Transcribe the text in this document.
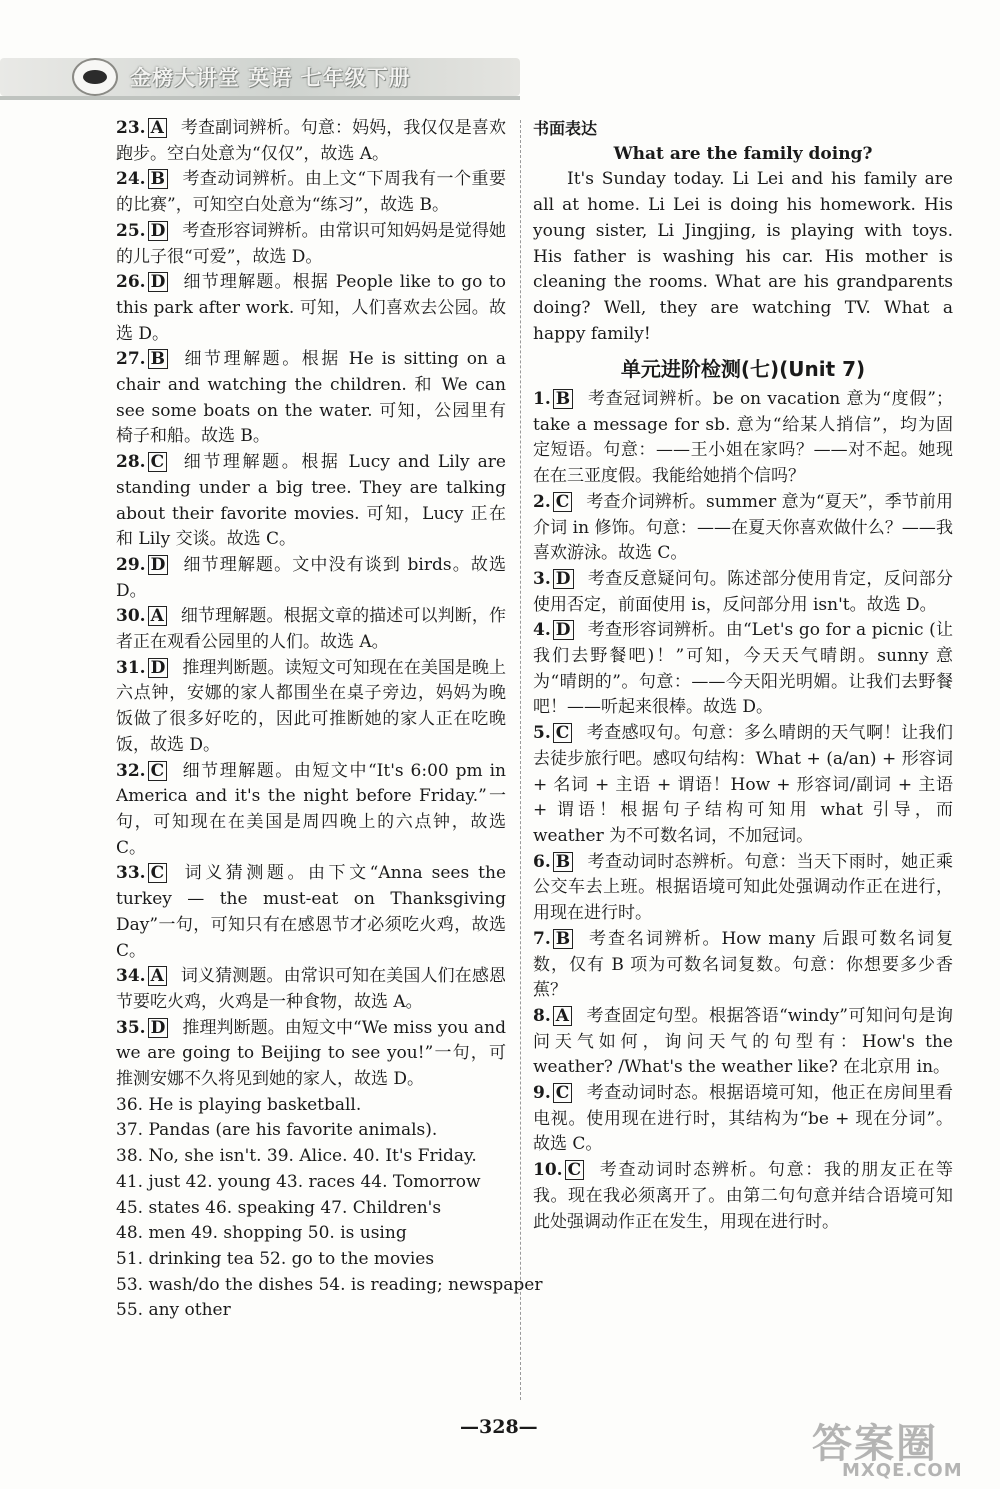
金榜大讲堂 英语 七年级下册
23. A 考查副词辨析。句意：妈妈，我仅仅是喜欢跑步。空白处意为“仅仅”，故选 A。
24. B 考查动词辨析。由上文“下周我有一个重要的比赛”，可知空白处意为“练习”，故选 B。
25. D 考查形容词辨析。由常识可知妈妈是觉得她的儿子很“可爱”，故选 D。
26. D 细节理解题。根据 People like to go to this park after work. 可知，人们喜欢去公园。故选 D。
27. B 细节理解题。根据 He is sitting on a chair and watching the children. 和 We can see some boats on the water. 可知，公园里有椅子和船。故选 B。
28. C 细节理解题。根据 Lucy and Lily are standing under a big tree. They are talking about their favorite movies. 可知，Lucy 正在和 Lily 交谈。故选 C。
29. D 细节理解题。文中没有谈到 birds。故选 D。
30. A 细节理解题。根据文章的描述可以判断，作者正在观看公园里的人们。故选 A。
31. D 推理判断题。读短文可知现在在美国是晚上六点钟，安娜的家人都围坐在桌子旁边，妈妈为晚饭做了很多好吃的，因此可推断她的家人正在吃晚饭，故选 D。
32. C 细节理解题。由短文中“It's 6:00 pm in America and it's the night before Friday.”一句，可知现在在美国是周四晚上的六点钟，故选 C。
33. C 词义猜测题。由下文“Anna sees the turkey — the must-eat on Thanksgiving Day”一句，可知只有在感恩节才必须吃火鸡，故选 C。
34. A 词义猜测题。由常识可知在美国人们在感恩节要吃火鸡，火鸡是一种食物，故选 A。
35. D 推理判断题。由短文中“We miss you and we are going to Beijing to see you!”一句，可推测安娜不久将见到她的家人，故选 D。
36. He is playing basketball.
37. Pandas (are his favorite animals).
38. No, she isn't. 39. Alice. 40. It's Friday.
41. just 42. young 43. races 44. Tomorrow
45. states 46. speaking 47. Children's
48. men 49. shopping 50. is using
51. drinking tea 52. go to the movies
53. wash/do the dishes 54. is reading; newspaper
55. any other
书面表达
What are the family doing?
It's Sunday today. Li Lei and his family are all at home. Li Lei is doing his homework. His young sister, Li Jingjing, is playing with toys. His father is washing his car. His mother is cleaning the rooms. What are his grandparents doing? Well, they are watching TV. What a happy family!
单元进阶检测(七)(Unit 7)
1. B 考查冠词辨析。be on vacation 意为“度假”；take a message for sb. 意为“给某人捎信”，均为固定短语。句意：——王小姐在家吗？——对不起。她现在在三亚度假。我能给她捎个信吗？
2. C 考查介词辨析。summer 意为“夏天”，季节前用介词 in 修饰。句意：——在夏天你喜欢做什么？——我喜欢游泳。故选 C。
3. D 考查反意疑问句。陈述部分使用肯定，反问部分使用否定，前面使用 is，反问部分用 isn't。故选 D。
4. D 考查形容词辨析。由“Let's go for a picnic (让我们去野餐吧)！”可知，今天天气晴朗。sunny 意为“晴朗的”。句意：——今天阳光明媚。让我们去野餐吧！——听起来很棒。故选 D。
5. C 考查感叹句。句意：多么晴朗的天气啊！让我们去徒步旅行吧。感叹句结构：What + (a/an) + 形容词 + 名词 + 主语 + 谓语！How + 形容词/副词 + 主语 + 谓语！根据句子结构可知用 what 引导，而 weather 为不可数名词，不加冠词。
6. B 考查动词时态辨析。句意：当天下雨时，她正乘公交车去上班。根据语境可知此处强调动作正在进行，用现在进行时。
7. B 考查名词辨析。How many 后跟可数名词复数，仅有 B 项为可数名词复数。句意：你想要多少香蕉？
8. A 考查固定句型。根据答语“windy”可知问句是询问天气如何，询问天气的句型有：How's the weather? /What's the weather like? 在北京用 in。
9. C 考查动词时态。根据语境可知，他正在房间里看电视。使用现在进行时，其结构为“be + 现在分词”。故选 C。
10. C 考查动词时态辨析。句意：我的朋友正在等我。现在我必须离开了。由第二句句意并结合语境可知此处强调动作正在发生，用现在进行时。
—328—	答案圈
MXQE.COM
